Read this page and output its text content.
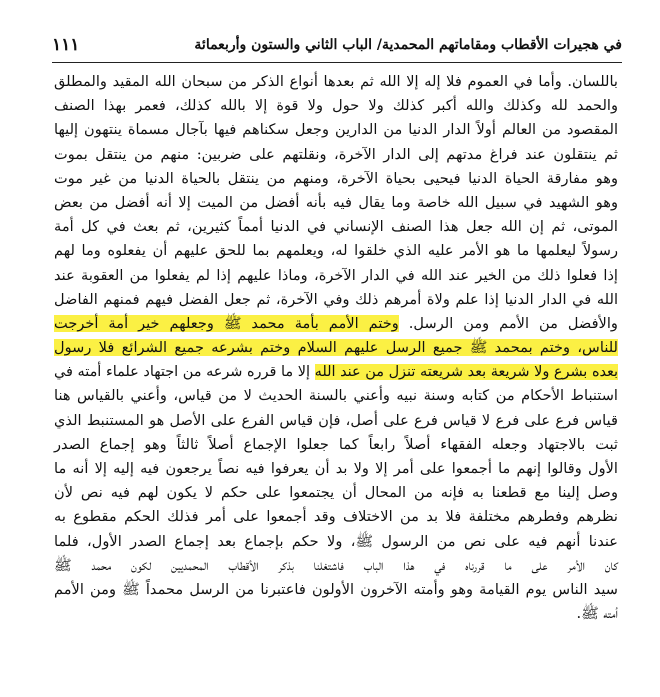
١١١	في هجيرات الأقطاب ومقاماتهم المحمدية/ الباب الثاني والستون وأربعمائة
باللسان. وأما في العموم فلا إله إلا الله ثم بعدها أنواع الذكر من سبحان الله المقيد والمطلق
والحمد لله وكذلك والله أكبر كذلك ولا حول ولا قوة إلا بالله كذلك، فعمر بهذا الصنف
المقصود من العالم أولاً الدار الدنيا من الدارين وجعل سكناهم فيها بآجال مسماة ينتهون إليها
ثم ينتقلون عند فراغ مدتهم إلى الدار الآخرة، ونقلتهم على ضربين: منهم من ينتقل بموت
وهو مفارقة الحياة الدنيا فيحيى بحياة الآخرة، ومنهم من ينتقل بالحياة الدنيا من غير موت
وهو الشهيد في سبيل الله خاصة وما يقال فيه بأنه أفضل من الميت إلا أنه أفضل من بعض
الموتى، ثم إن الله جعل هذا الصنف الإنساني في الدنيا أمماً كثيرين، ثم بعث في كل أمة
رسولاً ليعلمها ما هو الأمر عليه الذي خلقوا له، ويعلمهم بما للحق عليهم أن يفعلوه وما لهم
إذا فعلوا ذلك من الخير عند الله في الدار الآخرة، وماذا عليهم إذا لم يفعلوا من العقوبة عند
الله في الدار الدنيا إذا علم ولاة أمرهم ذلك وفي الآخرة، ثم جعل الفضل فيهم فمنهم الفاضل
والأفضل من الأمم ومن الرسل. وختم الأمم بأمة محمد ﷺ وجعلهم خير أمة أخرجت
للناس، وختم بمحمد ﷺ جميع الرسل عليهم السلام وختم بشرعه جميع الشرائع فلا رسول
بعده بشرع ولا شريعة بعد شريعته تنزل من عند الله إلا ما قرره شرعه من اجتهاد علماء أمته في
استنباط الأحكام من كتابه وسنة نبيه وأعني بالسنة الحديث لا من قياس، وأعني بالقياس هنا
قياس فرع على فرع لا قياس فرع على أصل، فإن قياس الفرع على الأصل هو المستنبط الذي
ثبت بالاجتهاد وجعله الفقهاء أصلاً رابعاً كما جعلوا الإجماع أصلاً ثالثاً وهو إجماع الصدر
الأول وقالوا إنهم ما أجمعوا على أمر إلا ولا بد أن يعرفوا فيه نصاً يرجعون فيه إليه إلا أنه ما
وصل إلينا مع قطعنا به فإنه من المحال أن يجتمعوا على حكم لا يكون لهم فيه نص لأن
نظرهم وفطرهم مختلفة فلا بد من الاختلاف وقد أجمعوا على أمر فذلك الحكم مقطوع به
عندنا أنهم فيه على نص من الرسول ﷺ، ولا حكم بإجماع بعد إجماع الصدر الأول، فلما
كان الأمر على ما قررناه في هذا الباب فاشتغلنا بذكر الأقطاب المحمديين لكون محمد ﷺ
سيد الناس يوم القيامة وهو وأمته الآخرون الأولون فاعتبرنا من الرسل محمداً ﷺ ومن الأمم
أمته ﷺ.
